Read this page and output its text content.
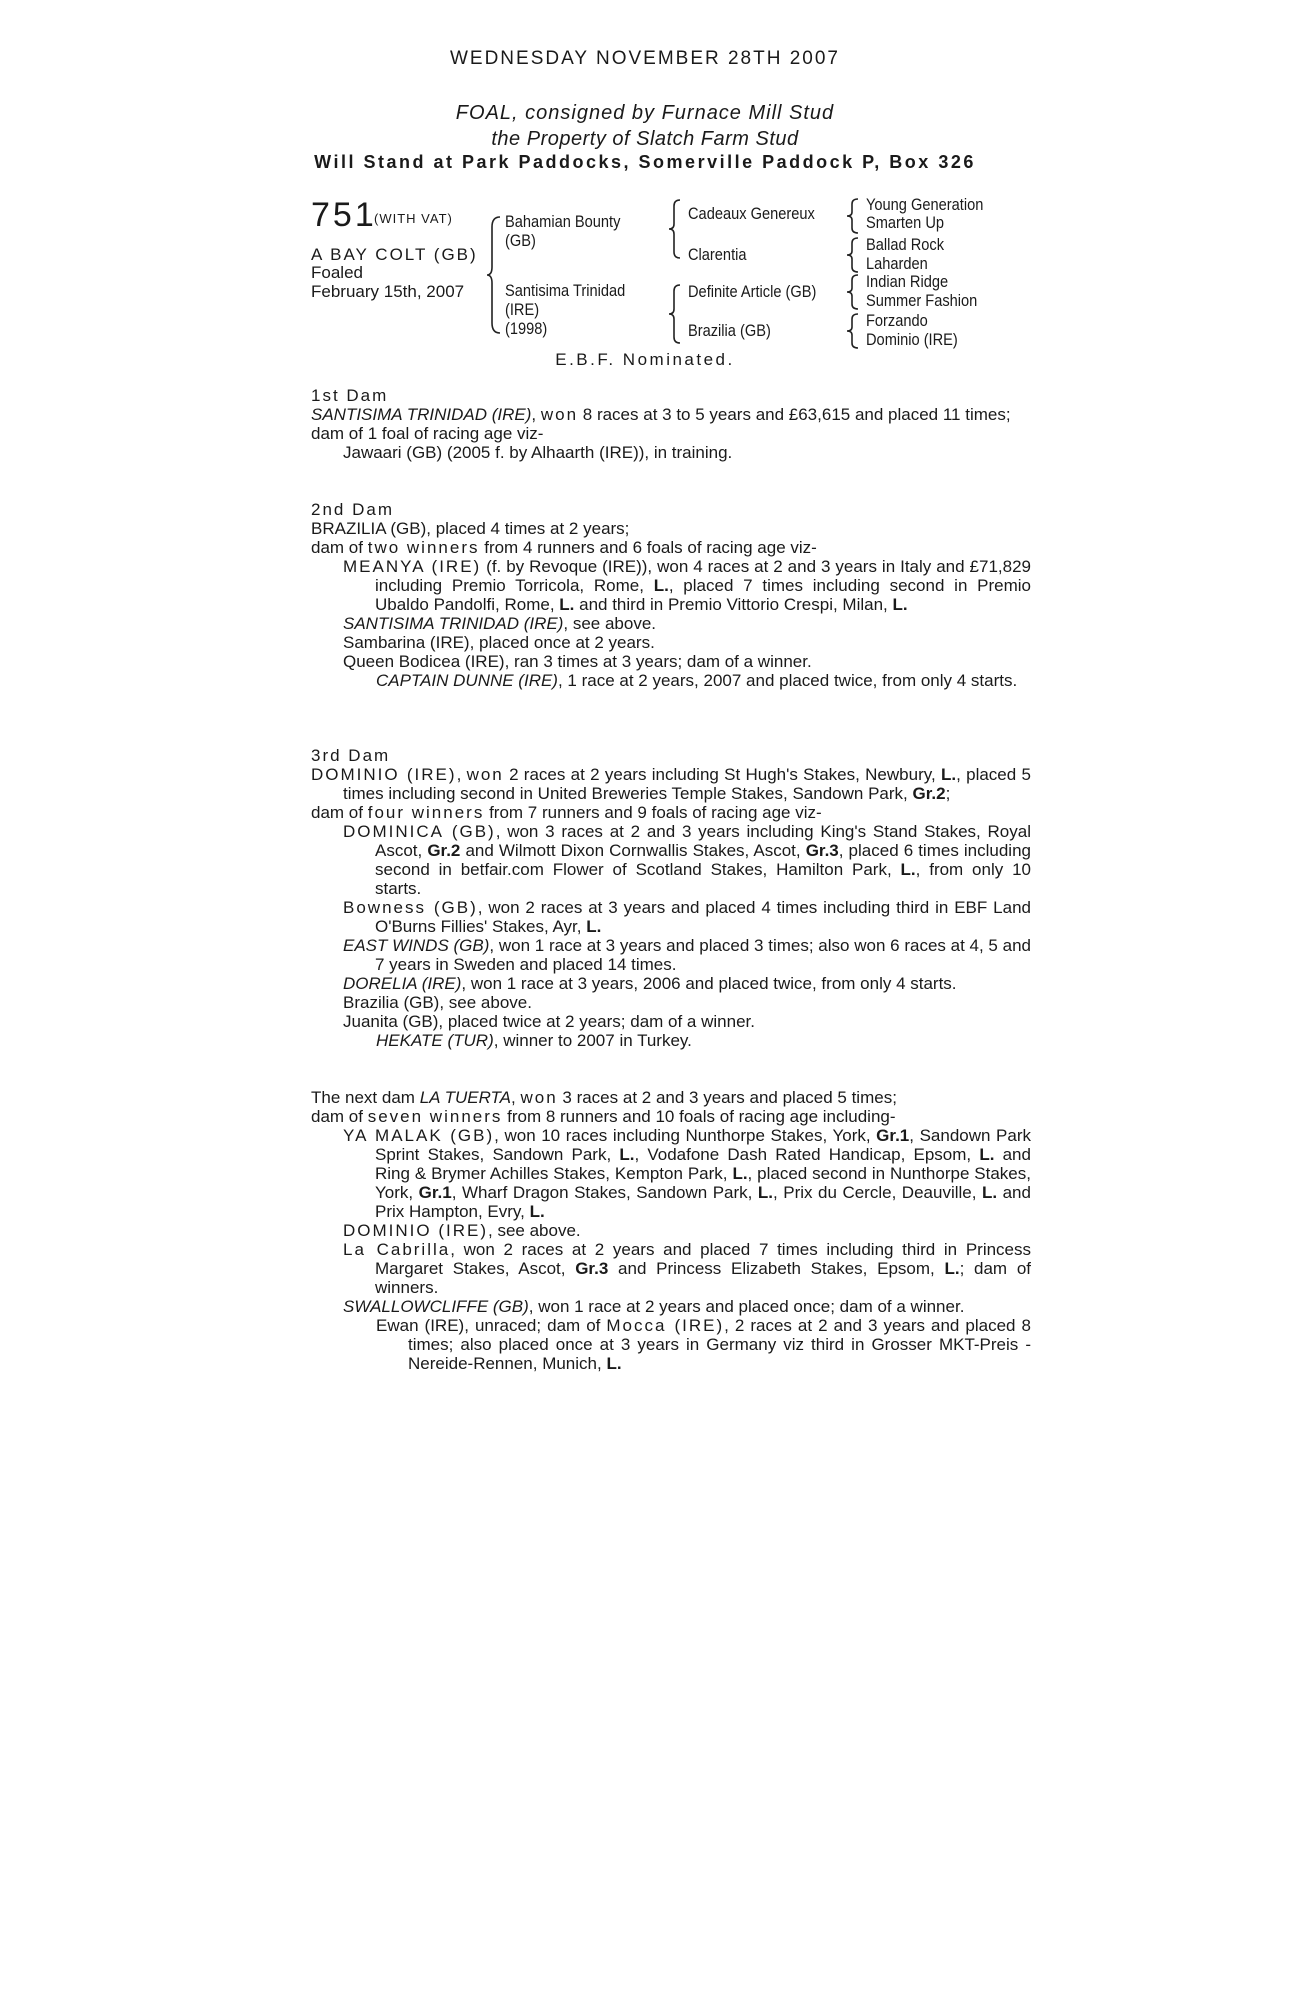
WEDNESDAY NOVEMBER 28TH 2007
FOAL, consigned by Furnace Mill Stud
the Property of Slatch Farm Stud
Will Stand at Park Paddocks, Somerville Paddock P, Box 326
751
(WITH VAT)
A BAY COLT (GB)
Foaled
February 15th, 2007
Bahamian Bounty
(GB)
Santisima Trinidad
(IRE)
(1998)
Cadeaux Genereux
Clarentia
Definite Article (GB)
Brazilia (GB)
Young Generation
Smarten Up
Ballad Rock
Laharden
Indian Ridge
Summer Fashion
Forzando
Dominio (IRE)
E.B.F. Nominated.

1st Dam

SANTISIMA TRINIDAD (IRE), won 8 races at 3 to 5 years and £63,615 and placed 11 times;

dam of 1 foal of racing age viz-

Jawaari (GB) (2005 f. by Alhaarth (IRE)), in training.

2nd Dam

BRAZILIA (GB), placed 4 times at 2 years;

dam of two winners from 4 runners and 6 foals of racing age viz-

MEANYA (IRE) (f. by Revoque (IRE)), won 4 races at 2 and 3 years in Italy and £71,829 including Premio Torricola, Rome, L., placed 7 times including second in Premio Ubaldo Pandolfi, Rome, L. and third in Premio Vittorio Crespi, Milan, L.

SANTISIMA TRINIDAD (IRE), see above.

Sambarina (IRE), placed once at 2 years.

Queen Bodicea (IRE), ran 3 times at 3 years; dam of a winner.

CAPTAIN DUNNE (IRE), 1 race at 2 years, 2007 and placed twice, from only 4 starts.

3rd Dam

DOMINIO (IRE), won 2 races at 2 years including St Hugh's Stakes, Newbury, L., placed 5 times including second in United Breweries Temple Stakes, Sandown Park, Gr.2;

dam of four winners from 7 runners and 9 foals of racing age viz-

DOMINICA (GB), won 3 races at 2 and 3 years including King's Stand Stakes, Royal Ascot, Gr.2 and Wilmott Dixon Cornwallis Stakes, Ascot, Gr.3, placed 6 times including second in betfair.com Flower of Scotland Stakes, Hamilton Park, L., from only 10 starts.

Bowness (GB), won 2 races at 3 years and placed 4 times including third in EBF Land O'Burns Fillies' Stakes, Ayr, L.

EAST WINDS (GB), won 1 race at 3 years and placed 3 times; also won 6 races at 4, 5 and 7 years in Sweden and placed 14 times.

DORELIA (IRE), won 1 race at 3 years, 2006 and placed twice, from only 4 starts.

Brazilia (GB), see above.

Juanita (GB), placed twice at 2 years; dam of a winner.

HEKATE (TUR), winner to 2007 in Turkey.

The next dam LA TUERTA, won 3 races at 2 and 3 years and placed 5 times;

dam of seven winners from 8 runners and 10 foals of racing age including-

YA MALAK (GB), won 10 races including Nunthorpe Stakes, York, Gr.1, Sandown Park Sprint Stakes, Sandown Park, L., Vodafone Dash Rated Handicap, Epsom, L. and Ring & Brymer Achilles Stakes, Kempton Park, L., placed second in Nunthorpe Stakes, York, Gr.1, Wharf Dragon Stakes, Sandown Park, L., Prix du Cercle, Deauville, L. and Prix Hampton, Evry, L.

DOMINIO (IRE), see above.

La Cabrilla, won 2 races at 2 years and placed 7 times including third in Princess Margaret Stakes, Ascot, Gr.3 and Princess Elizabeth Stakes, Epsom, L.; dam of winners.

SWALLOWCLIFFE (GB), won 1 race at 2 years and placed once; dam of a winner.

Ewan (IRE), unraced; dam of Mocca (IRE), 2 races at 2 and 3 years and placed 8 times; also placed once at 3 years in Germany viz third in Grosser MKT-Preis - Nereide-Rennen, Munich, L.
